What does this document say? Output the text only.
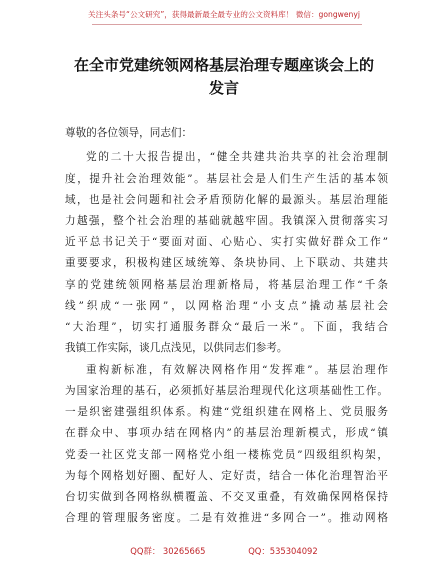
关注头条号“公文研究”，获得最新最全最专业的公文资料库！ 微信：gongwenyj
在全市党建统领网格基层治理专题座谈会上的
发言
尊敬的各位领导，同志们：
党的二十大报告提出，“健全共建共治共享的社会治理制
度，提升社会治理效能”。基层社会是人们生产生活的基本领
域，也是社会问题和社会矛盾预防化解的最源头。基层治理能
力越强，整个社会治理的基础就越牢固。我镇深入贯彻落实习
近平总书记关于“要面对面、心贴心、实打实做好群众工作”
重要要求，积极构建区域统筹、条块协同、上下联动、共建共
享的党建统领网格基层治理新格局，将基层治理工作“千条
线”织成“一张网”，以网格治理“小支点”撬动基层社会
“大治理”，切实打通服务群众“最后一米”。下面，我结合
我镇工作实际，谈几点浅见，以供同志们参考。
重构新标准，有效解决网格作用“发挥难”。基层治理作
为国家治理的基石，必须抓好基层治理现代化这项基础性工作。
一是织密建强组织体系。构建“党组织建在网格上、党员服务
在群众中、事项办结在网格内”的基层治理新模式，形成“镇
党委一社区党支部一网格党小组一楼栋党员”四级组织构架，
为每个网格划好圈、配好人、定好责，结合一体化治理智治平
台切实做到各网格纵横覆盖、不交叉重叠，有效确保网格保持
合理的管理服务密度。二是有效推进“多网合一”。推动网格
QQ群： 30265665	QQ：535304092
